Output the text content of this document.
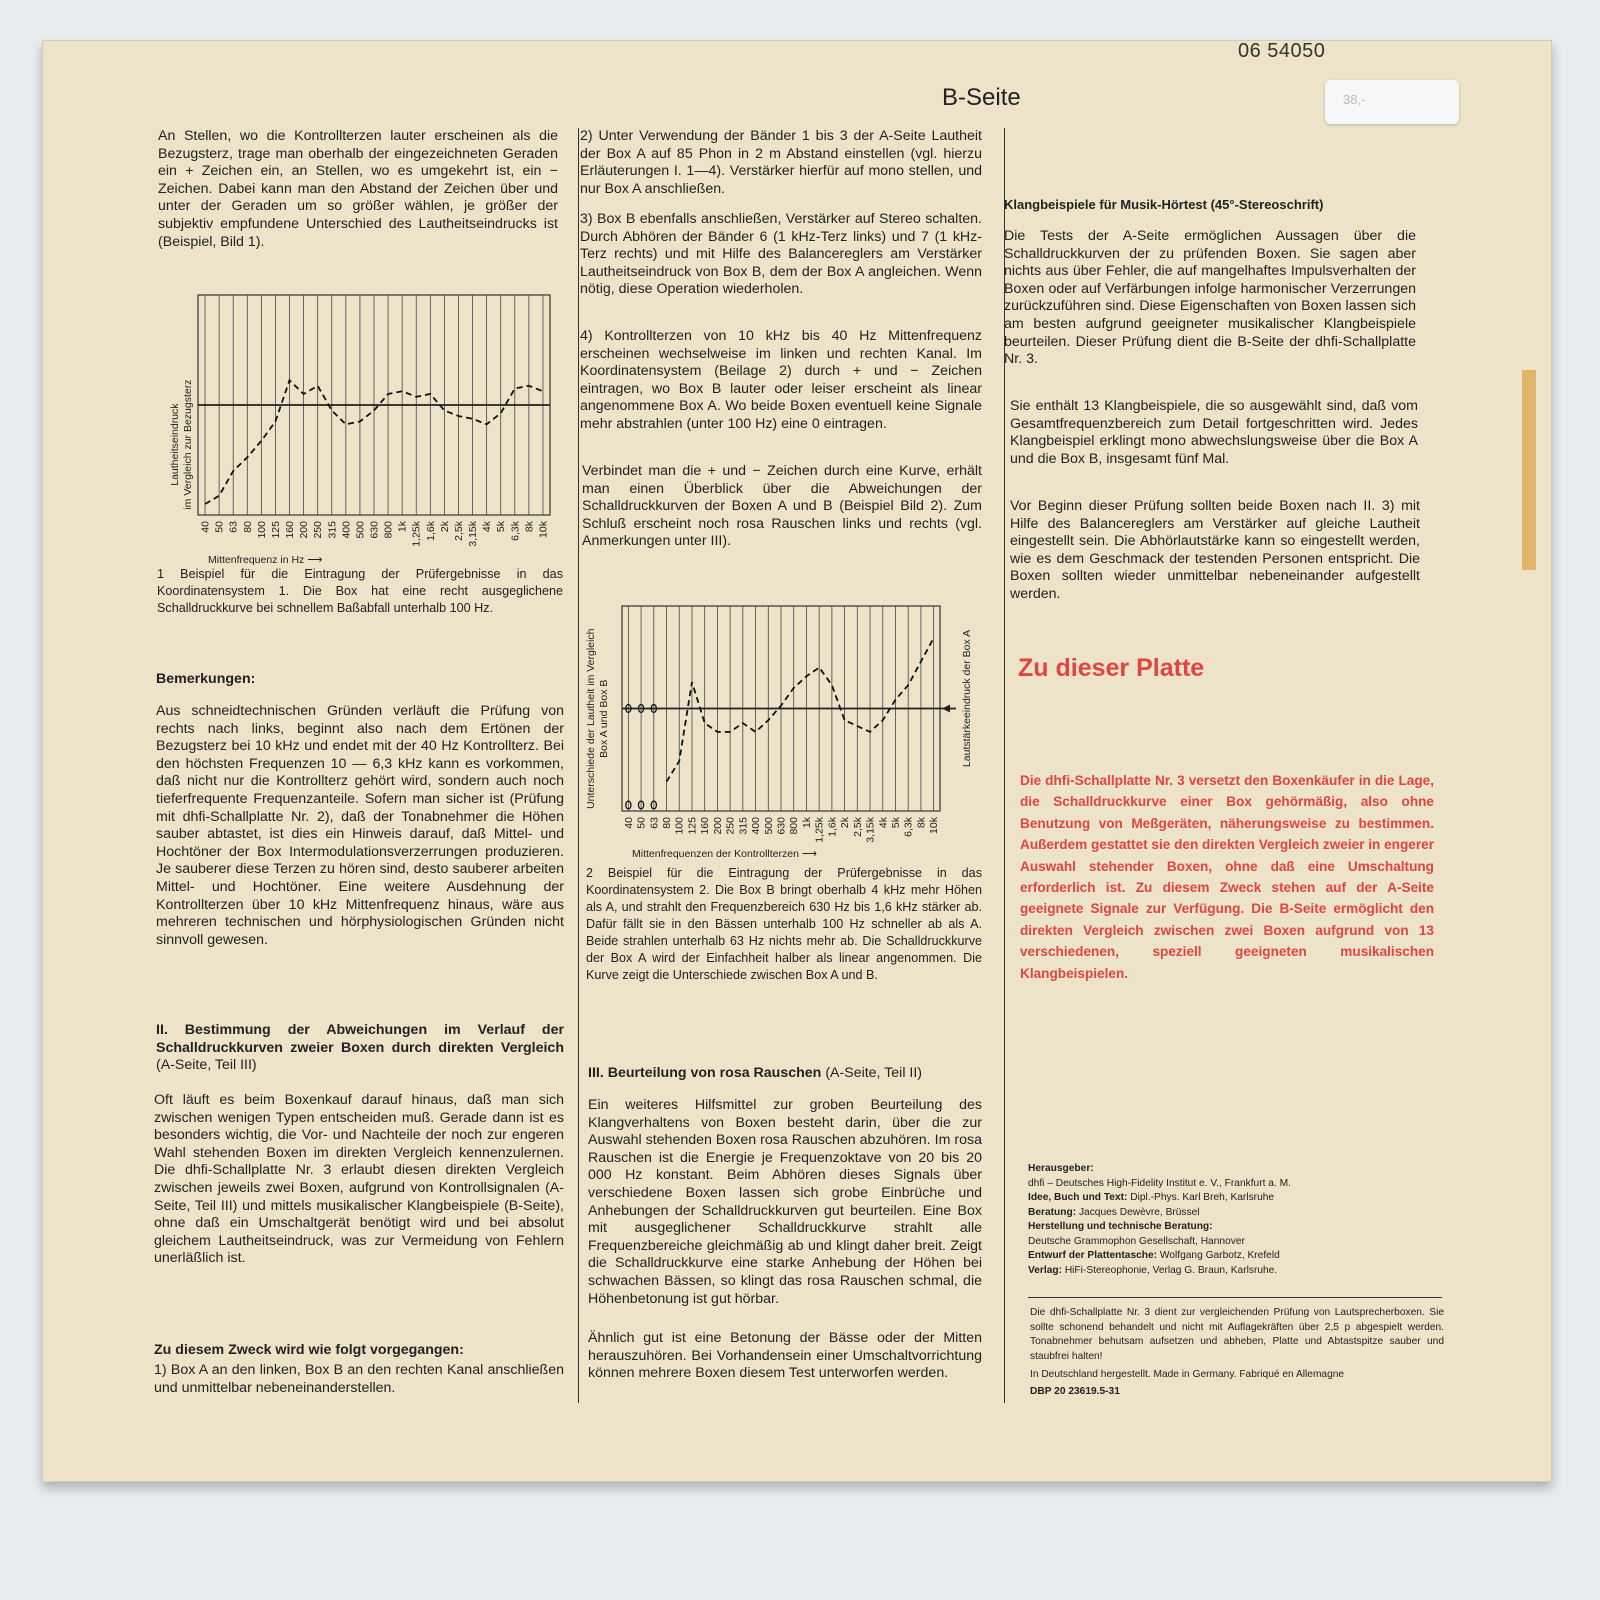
06 54050
38,-

An Stellen, wo die Kontrollterzen lauter erscheinen als die Bezugsterz, trage man oberhalb der eingezeichneten Geraden ein + Zeichen ein, an Stellen, wo es umgekehrt ist, ein − Zeichen. Dabei kann man den Abstand der Zeichen über und unter der Geraden um so größer wählen, je größer der subjektiv empfundene Unterschied des Lautheitseindrucks ist (Beispiel, Bild 1).

40 50 63 80 100 125 160 200 250 315 400 500 630 800 1k 1,25k 1,6k 2k 2,5k 3,15k 4k 5k 6,3k 8k 10k
Mittenfrequenz in Hz ⟶
Lautheitseindruck im Vergleich zur Bezugsterz
1 Beispiel für die Eintragung der Prüfergebnisse in das Koordinatensystem 1. Die Box hat eine recht ausgeglichene Schalldruckkurve bei schnellem Baßabfall unterhalb 100 Hz.

Bemerkungen:

Aus schneidtechnischen Gründen verläuft die Prüfung von rechts nach links, beginnt also nach dem Ertönen der Bezugsterz bei 10 kHz und endet mit der 40 Hz Kontrollterz. Bei den höchsten Frequenzen 10 — 6,3 kHz kann es vorkommen, daß nicht nur die Kontrollterz gehört wird, sondern auch noch tieferfrequente Frequenzanteile. Sofern man sicher ist (Prüfung mit dhfi-Schallplatte Nr. 2), daß der Tonabnehmer die Höhen sauber abtastet, ist dies ein Hinweis darauf, daß Mittel- und Hochtöner der Box Intermodulationsverzerrungen produzieren. Je sauberer diese Terzen zu hören sind, desto sauberer arbeiten Mittel- und Hochtöner. Eine weitere Ausdehnung der Kontrollterzen über 10 kHz Mittenfrequenz hinaus, wäre aus mehreren technischen und hörphysiologischen Gründen nicht sinnvoll gewesen.
II. Bestimmung der Abweichungen im Verlauf der Schalldruckkurven zweier Boxen durch direkten Vergleich (A-Seite, Teil III)
Oft läuft es beim Boxenkauf darauf hinaus, daß man sich zwischen wenigen Typen entscheiden muß. Gerade dann ist es besonders wichtig, die Vor- und Nachteile der noch zur engeren Wahl stehenden Boxen im direkten Vergleich kennenzulernen. Die dhfi-Schallplatte Nr. 3 erlaubt diesen direkten Vergleich zwischen jeweils zwei Boxen, aufgrund von Kontrollsignalen (A-Seite, Teil III) und mittels musikalischer Klangbeispiele (B-Seite), ohne daß ein Umschaltgerät benötigt wird und bei absolut gleichem Lautheitseindruck, was zur Vermeidung von Fehlern unerläßlich ist.
Zu diesem Zweck wird wie folgt vorgegangen:
1) Box A an den linken, Box B an den rechten Kanal anschließen und unmittelbar nebeneinanderstellen.
2) Unter Verwendung der Bänder 1 bis 3 der A-Seite Lautheit der Box A auf 85 Phon in 2 m Abstand einstellen (vgl. hierzu Erläuterungen I. 1—4). Verstärker hierfür auf mono stellen, und nur Box A anschließen.
3) Box B ebenfalls anschließen, Verstärker auf Stereo schalten. Durch Abhören der Bänder 6 (1 kHz-Terz links) und 7 (1 kHz-Terz rechts) und mit Hilfe des Balancereglers am Verstärker Lautheitseindruck von Box B, dem der Box A angleichen. Wenn nötig, diese Operation wiederholen.
4) Kontrollterzen von 10 kHz bis 40 Hz Mittenfrequenz erscheinen wechselweise im linken und rechten Kanal. Im Koordinatensystem (Beilage 2) durch + und − Zeichen eintragen, wo Box B lauter oder leiser erscheint als linear angenommene Box A. Wo beide Boxen eventuell keine Signale mehr abstrahlen (unter 100 Hz) eine 0 eintragen.
Verbindet man die + und − Zeichen durch eine Kurve, erhält man einen Überblick über die Abweichungen der Schalldruckkurven der Boxen A und B (Beispiel Bild 2). Zum Schluß erscheint noch rosa Rauschen links und rechts (vgl. Anmerkungen unter III).
40 50 63 80 100 125 160 200 250 315 400 500 630 800 1k 1,25k 1,6k 2k 2,5k 3,15k 4k 5k 6,3k 8k 10k
Mittenfrequenzen der Kontrollterzen ⟶
Unterschiede der Lautheit im Vergleich Box A und Box B	Lautstärkeeindruck der Box A
2 Beispiel für die Eintragung der Prüfergebnisse in das Koordinatensystem 2. Die Box B bringt oberhalb 4 kHz mehr Höhen als A, und strahlt den Frequenzbereich 630 Hz bis 1,6 kHz stärker ab. Dafür fällt sie in den Bässen unterhalb 100 Hz schneller ab als A. Beide strahlen unterhalb 63 Hz nichts mehr ab. Die Schalldruckkurve der Box A wird der Einfachheit halber als linear angenommen. Die Kurve zeigt die Unterschiede zwischen Box A und B.
III. Beurteilung von rosa Rauschen (A-Seite, Teil II)
Ein weiteres Hilfsmittel zur groben Beurteilung des Klangverhaltens von Boxen besteht darin, über die zur Auswahl stehenden Boxen rosa Rauschen abzuhören. Im rosa Rauschen ist die Energie je Frequenzoktave von 20 bis 20 000 Hz konstant. Beim Abhören dieses Signals über verschiedene Boxen lassen sich grobe Einbrüche und Anhebungen der Schalldruckkurven gut beurteilen. Eine Box mit ausgeglichener Schalldruckkurve strahlt alle Frequenzbereiche gleichmäßig ab und klingt daher breit. Zeigt die Schalldruckkurve eine starke Anhebung der Höhen bei schwachen Bässen, so klingt das rosa Rauschen schmal, die Höhenbetonung ist gut hörbar.
Ähnlich gut ist eine Betonung der Bässe oder der Mitten herauszuhören. Bei Vorhandensein einer Umschaltvorrichtung können mehrere Boxen diesem Test unterworfen werden.
B-Seite
Klangbeispiele für Musik-Hörtest (45°-Stereoschrift)
Die Tests der A-Seite ermöglichen Aussagen über die Schalldruckkurven der zu prüfenden Boxen. Sie sagen aber nichts aus über Fehler, die auf mangelhaftes Impulsverhalten der Boxen oder auf Verfärbungen infolge harmonischer Verzerrungen zurückzuführen sind. Diese Eigenschaften von Boxen lassen sich am besten aufgrund geeigneter musikalischer Klangbeispiele beurteilen. Dieser Prüfung dient die B-Seite der dhfi-Schallplatte Nr. 3.
Sie enthält 13 Klangbeispiele, die so ausgewählt sind, daß vom Gesamtfrequenzbereich zum Detail fortgeschritten wird. Jedes Klangbeispiel erklingt mono abwechslungsweise über die Box A und die Box B, insgesamt fünf Mal.
Vor Beginn dieser Prüfung sollten beide Boxen nach II. 3) mit Hilfe des Balancereglers am Verstärker auf gleiche Lautheit eingestellt sein. Die Abhörlautstärke kann so eingestellt werden, wie es dem Geschmack der testenden Personen entspricht. Die Boxen sollten wieder unmittelbar nebeneinander aufgestellt werden.
Zu dieser Platte
Die dhfi-Schallplatte Nr. 3 versetzt den Boxenkäufer in die Lage, die Schalldruckkurve einer Box gehörmäßig, also ohne Benutzung von Meßgeräten, näherungsweise zu bestimmen. Außerdem gestattet sie den direkten Vergleich zweier in engerer Auswahl stehender Boxen, ohne daß eine Umschaltung erforderlich ist. Zu diesem Zweck stehen auf der A-Seite geeignete Signale zur Verfügung. Die B-Seite ermöglicht den direkten Vergleich zwischen zwei Boxen aufgrund von 13 verschiedenen, speziell geeigneten musikalischen Klangbeispielen.
Herausgeber:
dhfi – Deutsches High-Fidelity Institut e. V., Frankfurt a. M.
Idee, Buch und Text: Dipl.-Phys. Karl Breh, Karlsruhe
Beratung: Jacques Dewèvre, Brüssel
Herstellung und technische Beratung:
Deutsche Grammophon Gesellschaft, Hannover
Entwurf der Plattentasche: Wolfgang Garbotz, Krefeld
Verlag: HiFi-Stereophonie, Verlag G. Braun, Karlsruhe.
Die dhfi-Schallplatte Nr. 3 dient zur vergleichenden Prüfung von Lautsprecherboxen. Sie sollte schonend behandelt und nicht mit Auflagekräften über 2,5 p abgespielt werden. Tonabnehmer behutsam aufsetzen und abheben, Platte und Abtastspitze sauber und staubfrei halten!
In Deutschland hergestellt. Made in Germany. Fabriqué en Allemagne
DBP 20 23619.5-31
